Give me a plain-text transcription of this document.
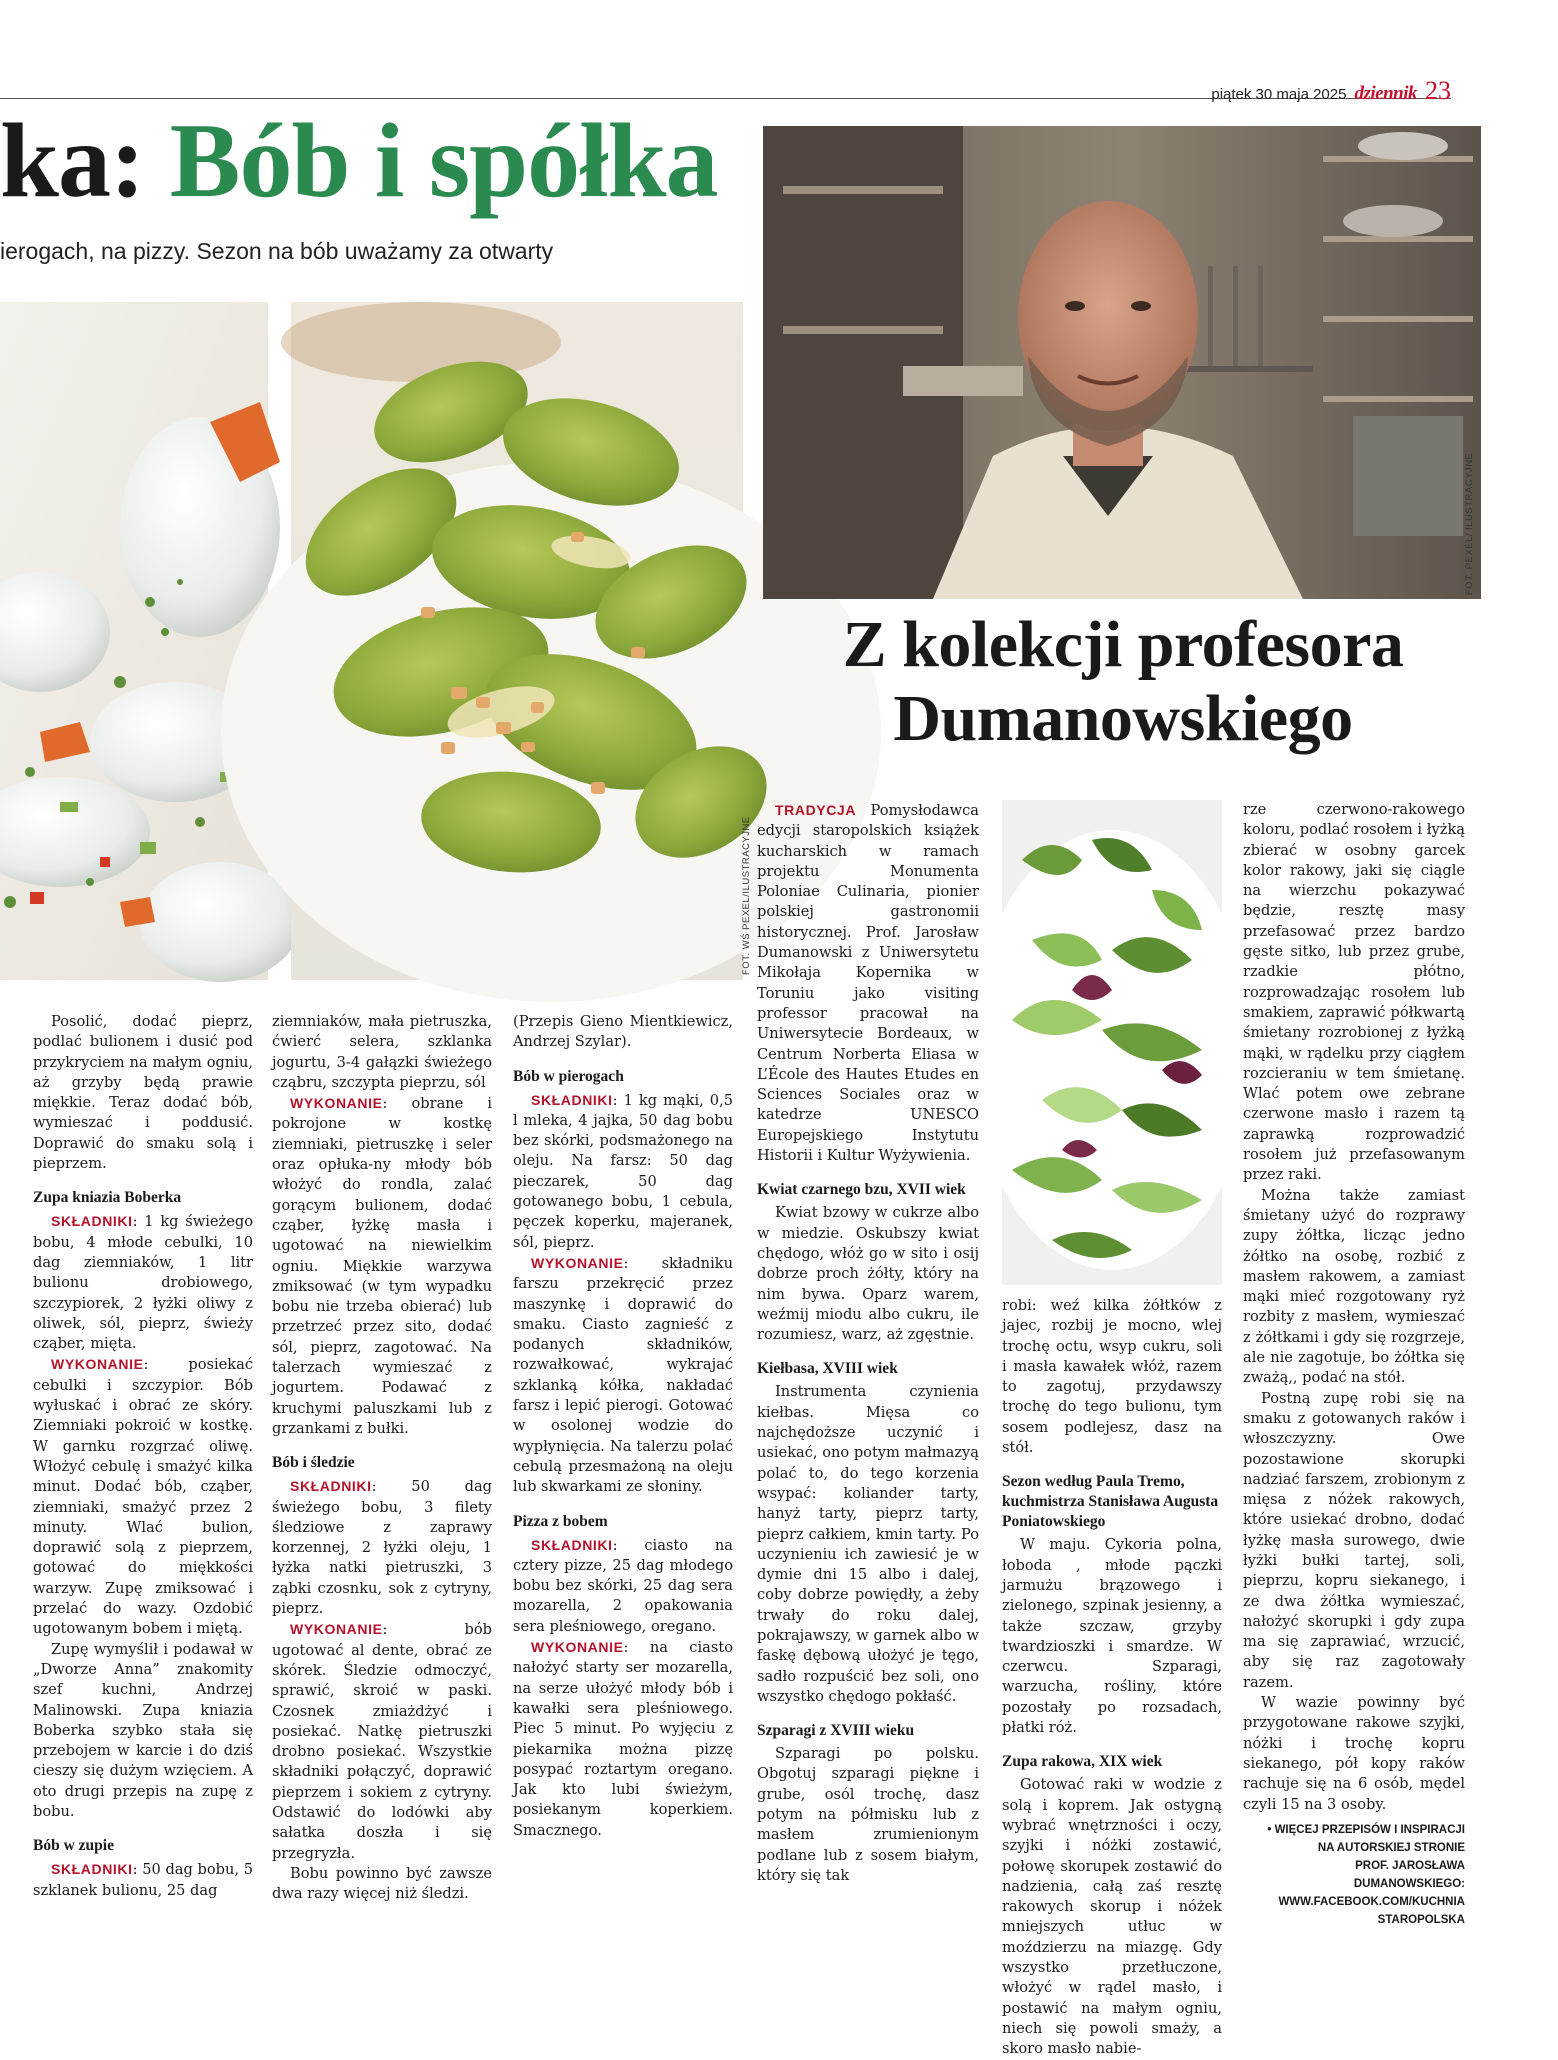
piątek 30 maja 2025 dziennik 23
ka: Bób i spółka
ierogach, na pizzy. Sezon na bób uważamy za otwarty
FOT. WŚ PEXEL/ILUSTRACYJNE
FOT. PEXEL/ ILUSTRACYJNE
Z kolekcji profesora
Dumanowskiego

Posolić, dodać pieprz, podlać bulionem i dusić pod przykryciem na małym ogniu, aż grzyby będą prawie miękkie. Teraz dodać bób, wymieszać i poddusić. Doprawić do smaku solą i pieprzem.

Zupa kniazia Boberka

SKŁADNIKI: 1 kg świeżego bobu, 4 młode cebulki, 10 dag ziemniaków, 1 litr bulionu drobiowego, szczypiorek, 2 łyżki oliwy z oliwek, sól, pieprz, świeży cząber, mięta.

WYKONANIE: posiekać cebulki i szczypior. Bób wyłuskać i obrać ze skóry. Ziemniaki pokroić w kostkę. W garnku rozgrzać oliwę. Włożyć cebulę i smażyć kilka minut. Dodać bób, cząber, ziemniaki, smażyć przez 2 minuty. Wlać bulion, doprawić solą z pieprzem, gotować do miękkości warzyw. Zupę zmiksować i przelać do wazy. Ozdobić ugotowanym bobem i miętą.

Zupę wymyślił i podawał w „Dworze Anna” znakomity szef kuchni, Andrzej Malinowski. Zupa kniazia Boberka szybko stała się przebojem w karcie i do dziś cieszy się dużym wzięciem. A oto drugi przepis na zupę z bobu.

Bób w zupie

SKŁADNIKI: 50 dag bobu, 5 szklanek bulionu, 25 dag

ziemniaków, mała pietruszka, ćwierć selera, szklanka jogurtu, 3-4 gałązki świeżego cząbru, szczypta pieprzu, sól

WYKONANIE: obrane i pokrojone w kostkę ziemniaki, pietruszkę i seler oraz opłuka-ny młody bób włożyć do rondla, zalać gorącym bulionem, dodać cząber, łyżkę masła i ugotować na niewielkim ogniu. Miękkie warzywa zmiksować (w tym wypadku bobu nie trzeba obierać) lub przetrzeć przez sito, dodać sól, pieprz, zagotować. Na talerzach wymieszać z jogurtem. Podawać z kruchymi paluszkami lub z grzankami z bułki.

Bób i śledzie

SKŁADNIKI: 50 dag świeżego bobu, 3 filety śledziowe z zaprawy korzennej, 2 łyżki oleju, 1 łyżka natki pietruszki, 3 ząbki czosnku, sok z cytryny, pieprz.

WYKONANIE: bób ugotować al dente, obrać ze skórek. Śledzie odmoczyć, sprawić, skroić w paski. Czosnek zmiażdżyć i posiekać. Natkę pietruszki drobno posiekać. Wszystkie składniki połączyć, doprawić pieprzem i sokiem z cytryny. Odstawić do lodówki aby sałatka doszła i się przegryzła.

Bobu powinno być zawsze dwa razy więcej niż śledzi.

(Przepis Gieno Mientkiewicz, Andrzej Szylar).

Bób w pierogach

SKŁADNIKI: 1 kg mąki, 0,5 l mleka, 4 jajka, 50 dag bobu bez skórki, podsmażonego na oleju. Na farsz: 50 dag pieczarek, 50 dag gotowanego bobu, 1 cebula, pęczek koperku, majeranek, sól, pieprz.

WYKONANIE: składniku farszu przekręcić przez maszynkę i doprawić do smaku. Ciasto zagnieść z podanych składników, rozwałkować, wykrajać szklanką kółka, nakładać farsz i lepić pierogi. Gotować w osolonej wodzie do wypłynięcia. Na talerzu polać cebulą przesmażoną na oleju lub skwarkami ze słoniny.

Pizza z bobem

SKŁADNIKI: ciasto na cztery pizze, 25 dag młodego bobu bez skórki, 25 dag sera mozarella, 2 opakowania sera pleśniowego, oregano.

WYKONANIE: na ciasto nałożyć starty ser mozarella, na serze ułożyć młody bób i kawałki sera pleśniowego. Piec 5 minut. Po wyjęciu z piekarnika można pizzę posypać roztartym oregano. Jak kto lubi świeżym, posiekanym koperkiem. Smacznego.

TRADYCJA Pomysłodawca edycji staropolskich książek kucharskich w ramach projektu Monumenta Poloniae Culinaria, pionier polskiej gastronomii historycznej. Prof. Jarosław Dumanowski z Uniwersytetu Mikołaja Kopernika w Toruniu jako visiting professor pracował na Uniwersytecie Bordeaux, w Centrum Norberta Eliasa w L’École des Hautes Etudes en Sciences Sociales oraz w katedrze UNESCO Europejskiego Instytutu Historii i Kultur Wyżywienia.

Kwiat czarnego bzu, XVII wiek

Kwiat bzowy w cukrze albo w miedzie. Oskubszy kwiat chędogo, włóż go w sito i osij dobrze proch żółty, który na nim bywa. Oparz warem, weźmij miodu albo cukru, ile rozumiesz, warz, aż zgęstnie.

Kiełbasa, XVIII wiek

Instrumenta czynienia kiełbas. Mięsa co najchędoższe uczynić i usiekać, ono potym małmazyą polać to, do tego korzenia wsypać: koliander tarty, hanyż tarty, pieprz tarty, pieprz całkiem, kmin tarty. Po uczynieniu ich zawiesić je w dymie dni 15 albo i dalej, coby dobrze powiędły, a żeby trwały do roku dalej, pokrajawszy, w garnek albo w faskę dębową ułożyć je tęgo, sadło rozpuścić bez soli, ono wszystko chędogo pokłaść.

Szparagi z XVIII wieku

Szparagi po polsku. Obgotuj szparagi piękne i grube, osól trochę, dasz potym na półmisku lub z masłem zrumienionym podlane lub z sosem białym, który się tak

robi: weź kilka żółtków z jajec, rozbij je mocno, wlej trochę octu, wsyp cukru, soli i masła kawałek włóż, razem to zagotuj, przydawszy trochę do tego bulionu, tym sosem podlejesz, dasz na stół.

Sezon według Paula Tremo, kuchmistrza Stanisława Augusta Poniatowskiego

W maju. Cykoria polna, łoboda , młode pączki jarmużu brązowego i zielonego, szpinak jesienny, a także szczaw, grzyby twardzioszki i smardze. W czerwcu. Szparagi, warzucha, rośliny, które pozostały po rozsadach, płatki róż.

Zupa rakowa, XIX wiek

Gotować raki w wodzie z solą i koprem. Jak ostygną wybrać wnętrzności i oczy, szyjki i nóżki zostawić, połowę skorupek zostawić do nadzienia, całą zaś resztę rakowych skorup i nóżek mniejszych utłuc w moździerzu na miazgę. Gdy wszystko przetłuczone, włożyć w rądel masło, i postawić na małym ogniu, niech się powoli smaży, a skoro masło nabie-

rze czerwono-rakowego koloru, podlać rosołem i łyżką zbierać w osobny garcek kolor rakowy, jaki się ciągle na wierzchu pokazywać będzie, resztę masy przefasować przez bardzo gęste sitko, lub przez grube, rzadkie płótno, rozprowadzając rosołem lub smakiem, zaprawić półkwartą śmietany rozrobionej z łyżką mąki, w rądelku przy ciągłem rozcieraniu w tem śmietanę. Wlać potem owe zebrane czerwone masło i razem tą zaprawką rozprowadzić rosołem już przefasowanym przez raki.

Można także zamiast śmietany użyć do rozprawy zupy żółtka, licząc jedno żółtko na osobę, rozbić z masłem rakowem, a zamiast mąki mieć rozgotowany ryż rozbity z masłem, wymieszać z żółtkami i gdy się rozgrzeje, ale nie zagotuje, bo żółtka się zważą,, podać na stół.

Postną zupę robi się na smaku z gotowanych raków i włoszczyzny. Owe pozostawione skorupki nadziać farszem, zrobionym z mięsa z nóżek rakowych, które usiekać drobno, dodać łyżkę masła surowego, dwie łyżki bułki tartej, soli, pieprzu, kopru siekanego, i ze dwa żółtka wymieszać, nałożyć skorupki i gdy zupa ma się zaprawiać, wrzucić, aby się raz zagotowały razem.

W wazie powinny być przygotowane rakowe szyjki, nóżki i trochę kopru siekanego, pół kopy raków rachuje się na 6 osób, mędel czyli 15 na 3 osoby.

• WIĘCEJ PRZEPISÓW I INSPIRACJI
NA AUTORSKIEJ STRONIE
PROF. JAROSŁAWA DUMANOWSKIEGO:
WWW.FACEBOOK.COM/KUCHNIA
STAROPOLSKA
